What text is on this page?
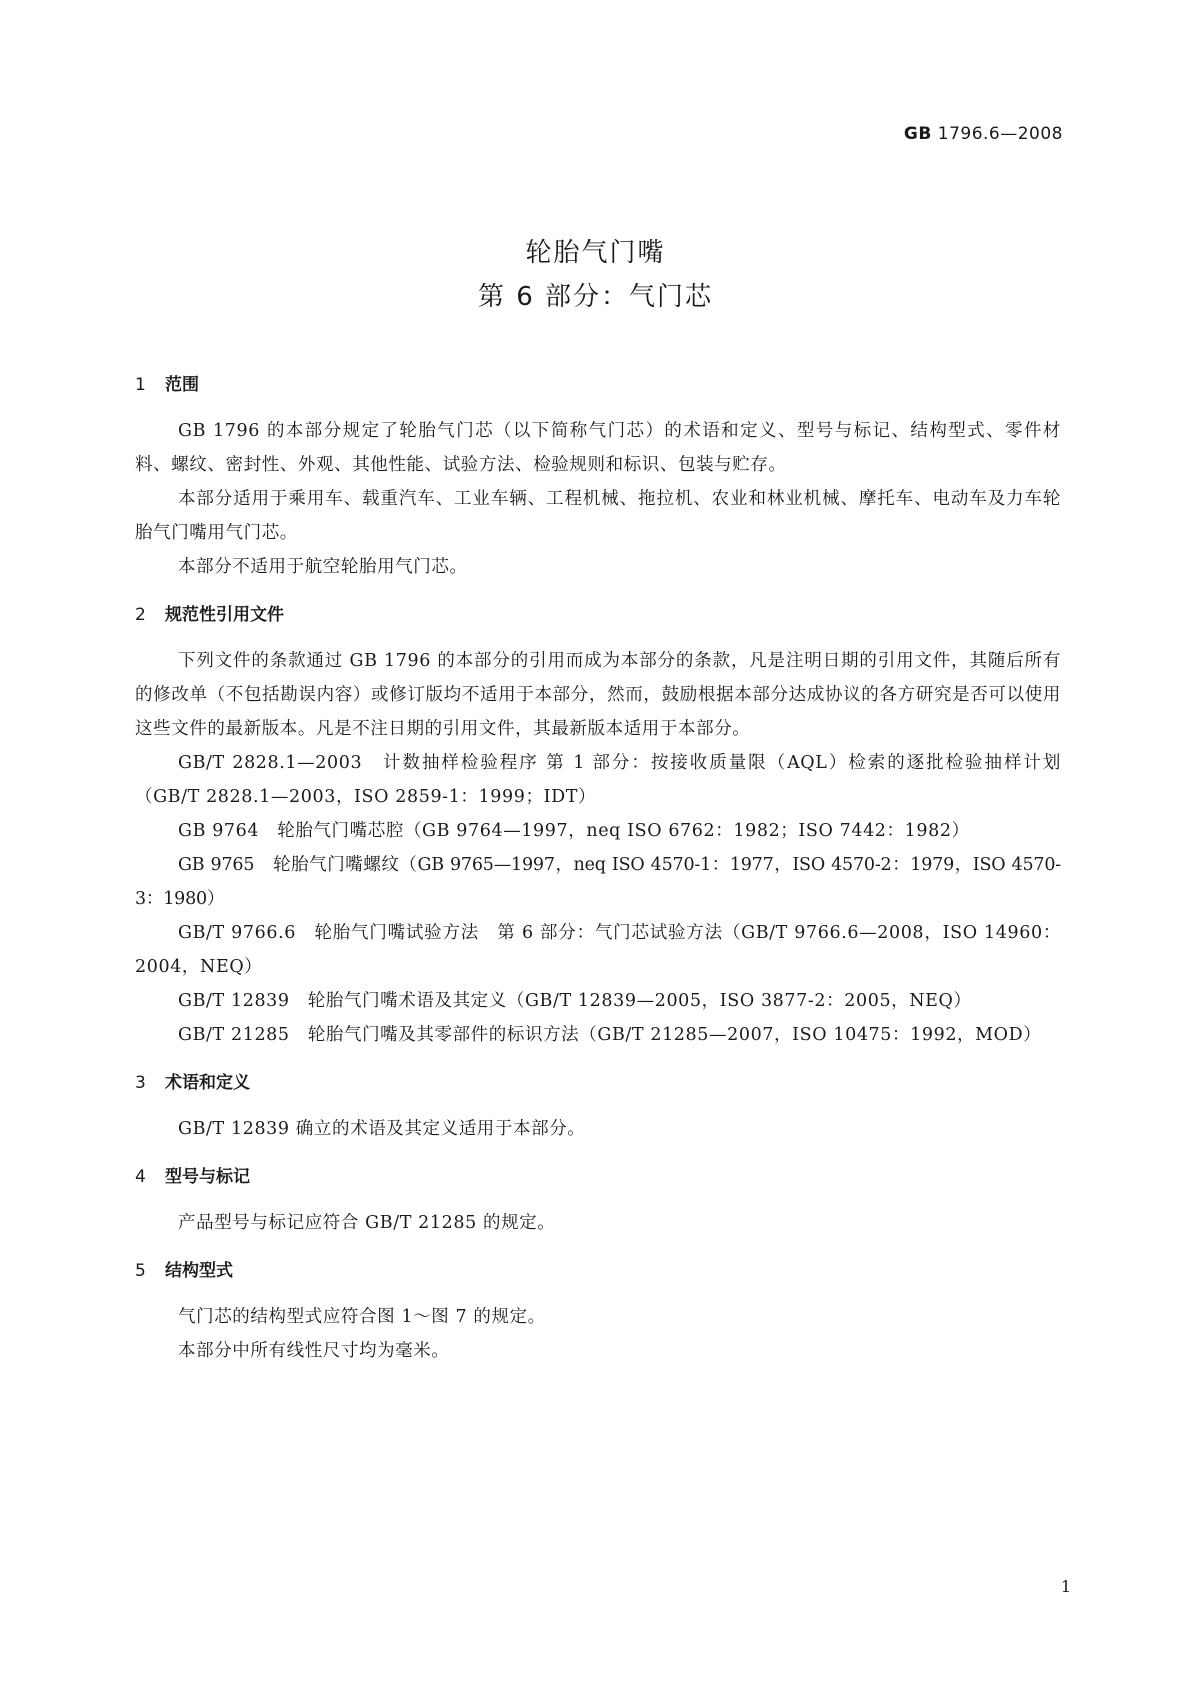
GB 1796.6—2008
轮胎气门嘴
第 6 部分：气门芯
1 范围

GB 1796 的本部分规定了轮胎气门芯（以下简称气门芯）的术语和定义、型号与标记、结构型式、零件材料、螺纹、密封性、外观、其他性能、试验方法、检验规则和标识、包装与贮存。

本部分适用于乘用车、载重汽车、工业车辆、工程机械、拖拉机、农业和林业机械、摩托车、电动车及力车轮胎气门嘴用气门芯。

本部分不适用于航空轮胎用气门芯。

2 规范性引用文件

下列文件的条款通过 GB 1796 的本部分的引用而成为本部分的条款，凡是注明日期的引用文件，其随后所有的修改单（不包括勘误内容）或修订版均不适用于本部分，然而，鼓励根据本部分达成协议的各方研究是否可以使用这些文件的最新版本。凡是不注日期的引用文件，其最新版本适用于本部分。

GB/T 2828.1—2003　 计数抽样检验程序 第 1 部分：按接收质量限（AQL）检索的逐批检验抽样计划（GB/T 2828.1—2003，ISO 2859-1：1999；IDT）

GB 9764　 轮胎气门嘴芯腔（GB 9764—1997，neq ISO 6762：1982；ISO 7442：1982）

GB 9765　 轮胎气门嘴螺纹（GB 9765—1997，neq ISO 4570-1：1977，ISO 4570-2：1979，ISO 4570-3：1980）

GB/T 9766.6　 轮胎气门嘴试验方法　第 6 部分：气门芯试验方法（GB/T 9766.6—2008，ISO 14960：2004，NEQ）

GB/T 12839　 轮胎气门嘴术语及其定义（GB/T 12839—2005，ISO 3877-2：2005，NEQ）

GB/T 21285　 轮胎气门嘴及其零部件的标识方法（GB/T 21285—2007，ISO 10475：1992，MOD）

3 术语和定义

GB/T 12839 确立的术语及其定义适用于本部分。

4 型号与标记

产品型号与标记应符合 GB/T 21285 的规定。

5 结构型式

气门芯的结构型式应符合图 1～图 7 的规定。

本部分中所有线性尺寸均为毫米。

1
